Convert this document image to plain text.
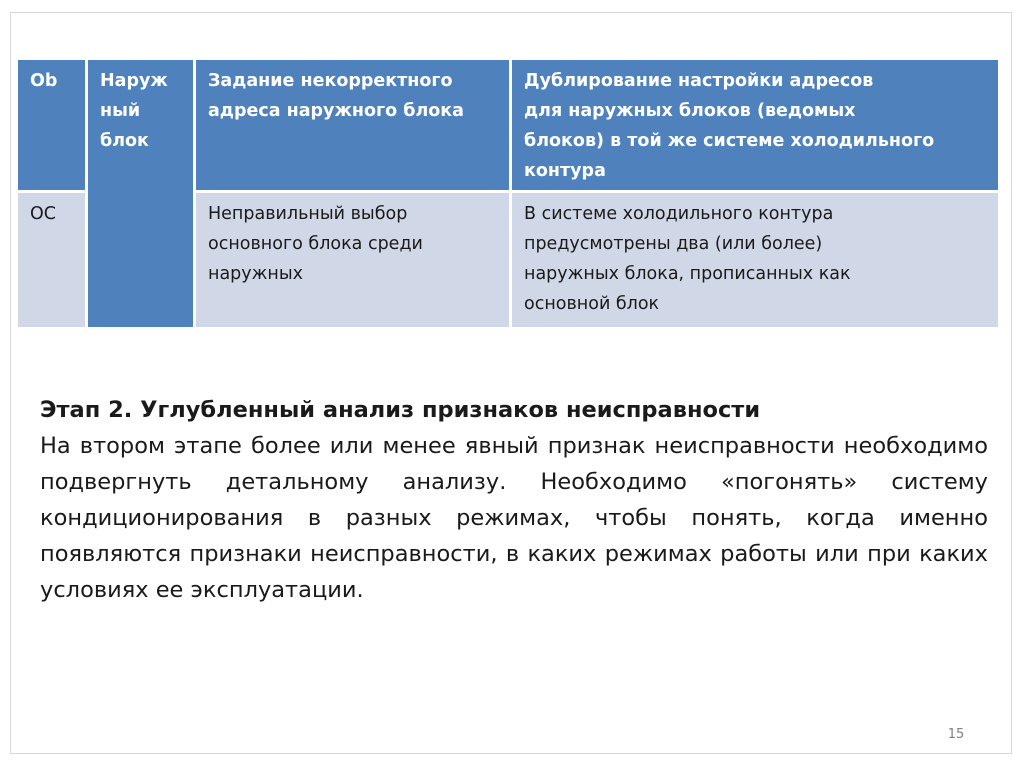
Ob	Наруж
ный
блок
Задание некорректного
адреса наружного блока
Дублирование настройки адресов
для наружных блоков (ведомых
блоков) в той же системе холодильного
контура
OC	Неправильный выбор
основного блока среди
наружных
В системе холодильного контура
предусмотрены два (или более)
наружных блока, прописанных как
основной блок
Этап 2. Углубленный анализ признаков неисправности

На втором этапе более или менее явный признак неисправности необходимо подвергнуть детальному анализу. Необходимо «погонять» систему кондиционирования в разных режимах, чтобы понять, когда именно появляются признаки неисправности, в каких режимах работы или при каких условиях ее эксплуатации.

15
